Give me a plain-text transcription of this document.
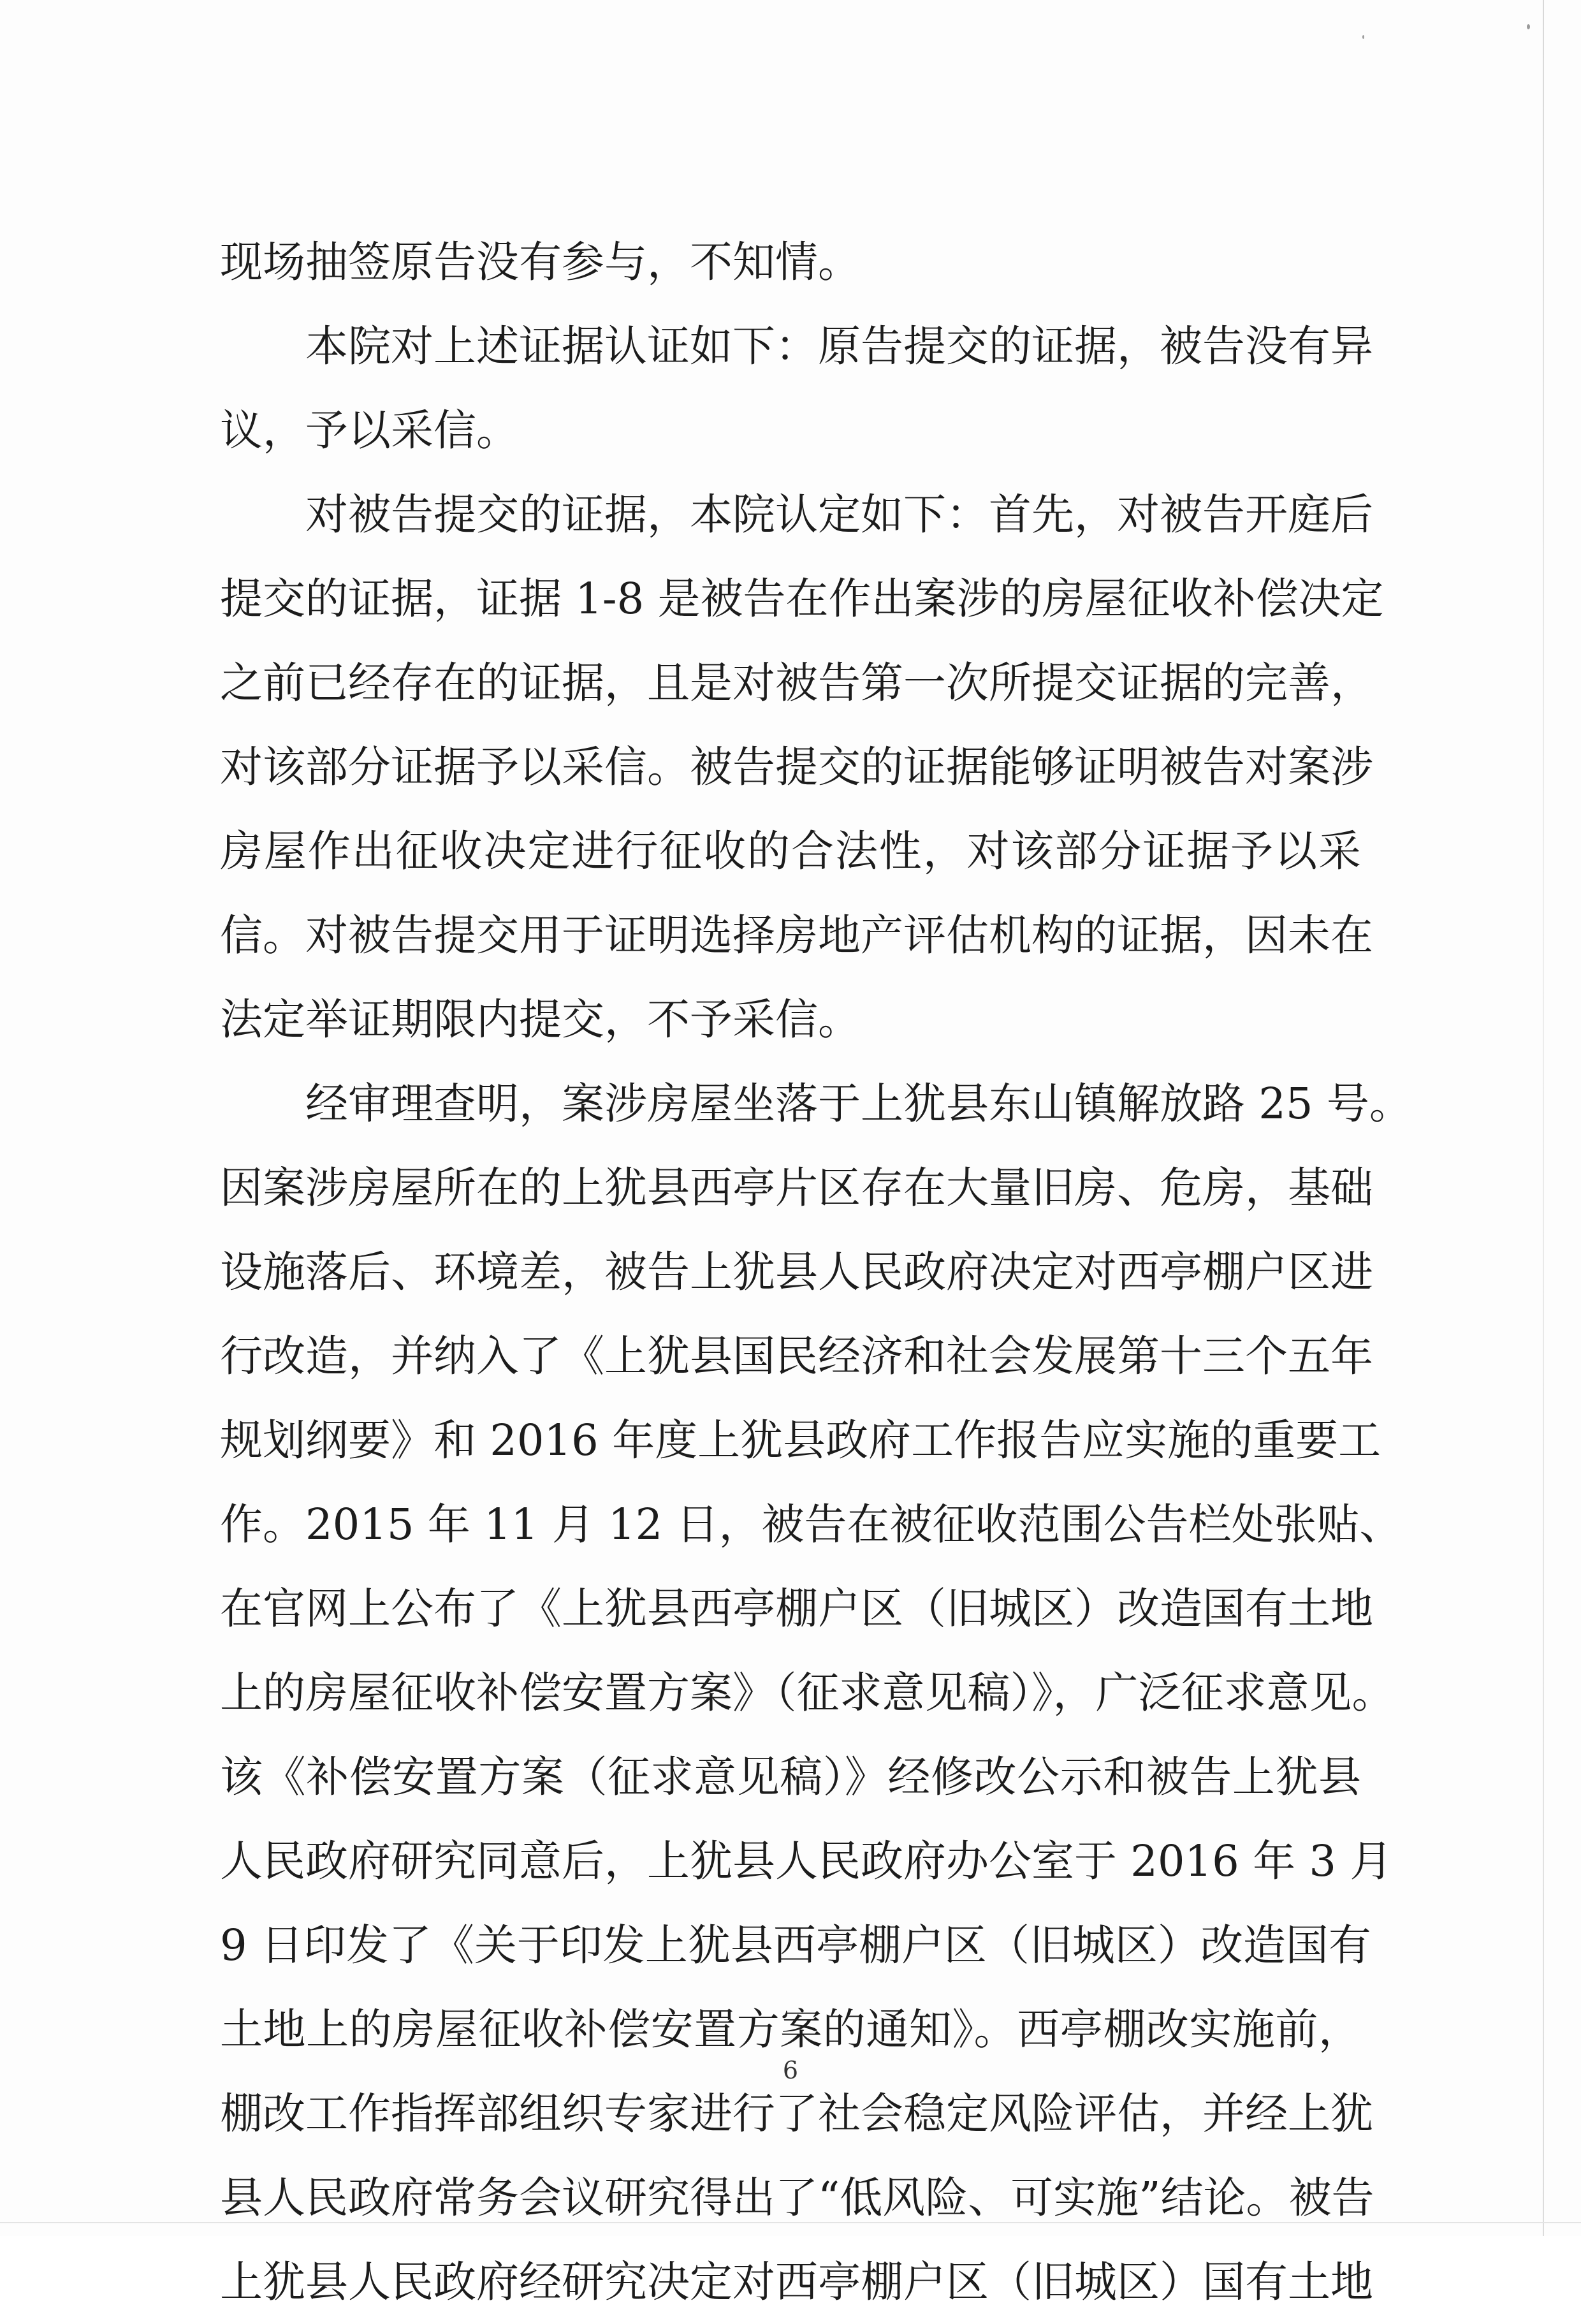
现场抽签原告没有参与，不知情。
本院对上述证据认证如下：原告提交的证据，被告没有异
议，予以采信。
对被告提交的证据，本院认定如下：首先，对被告开庭后
提交的证据，证据 1-8 是被告在作出案涉的房屋征收补偿决定
之前已经存在的证据，且是对被告第一次所提交证据的完善，
对该部分证据予以采信。被告提交的证据能够证明被告对案涉
房屋作出征收决定进行征收的合法性，对该部分证据予以采
信。对被告提交用于证明选择房地产评估机构的证据，因未在
法定举证期限内提交，不予采信。
经审理查明，案涉房屋坐落于上犹县东山镇解放路 25 号。
因案涉房屋所在的上犹县西亭片区存在大量旧房、危房，基础
设施落后、环境差，被告上犹县人民政府决定对西亭棚户区进
行改造，并纳入了《上犹县国民经济和社会发展第十三个五年
规划纲要》和 2016 年度上犹县政府工作报告应实施的重要工
作。2015 年 11 月 12 日，被告在被征收范围公告栏处张贴、
在官网上公布了《上犹县西亭棚户区（旧城区）改造国有土地
上的房屋征收补偿安置方案》（征求意见稿）》，广泛征求意见。
该《补偿安置方案（征求意见稿）》经修改公示和被告上犹县
人民政府研究同意后，上犹县人民政府办公室于 2016 年 3 月
9 日印发了《关于印发上犹县西亭棚户区（旧城区）改造国有
土地上的房屋征收补偿安置方案的通知》。西亭棚改实施前，
棚改工作指挥部组织专家进行了社会稳定风险评估，并经上犹
县人民政府常务会议研究得出了“低风险、可实施”结论。被告
上犹县人民政府经研究决定对西亭棚户区（旧城区）国有土地
6
